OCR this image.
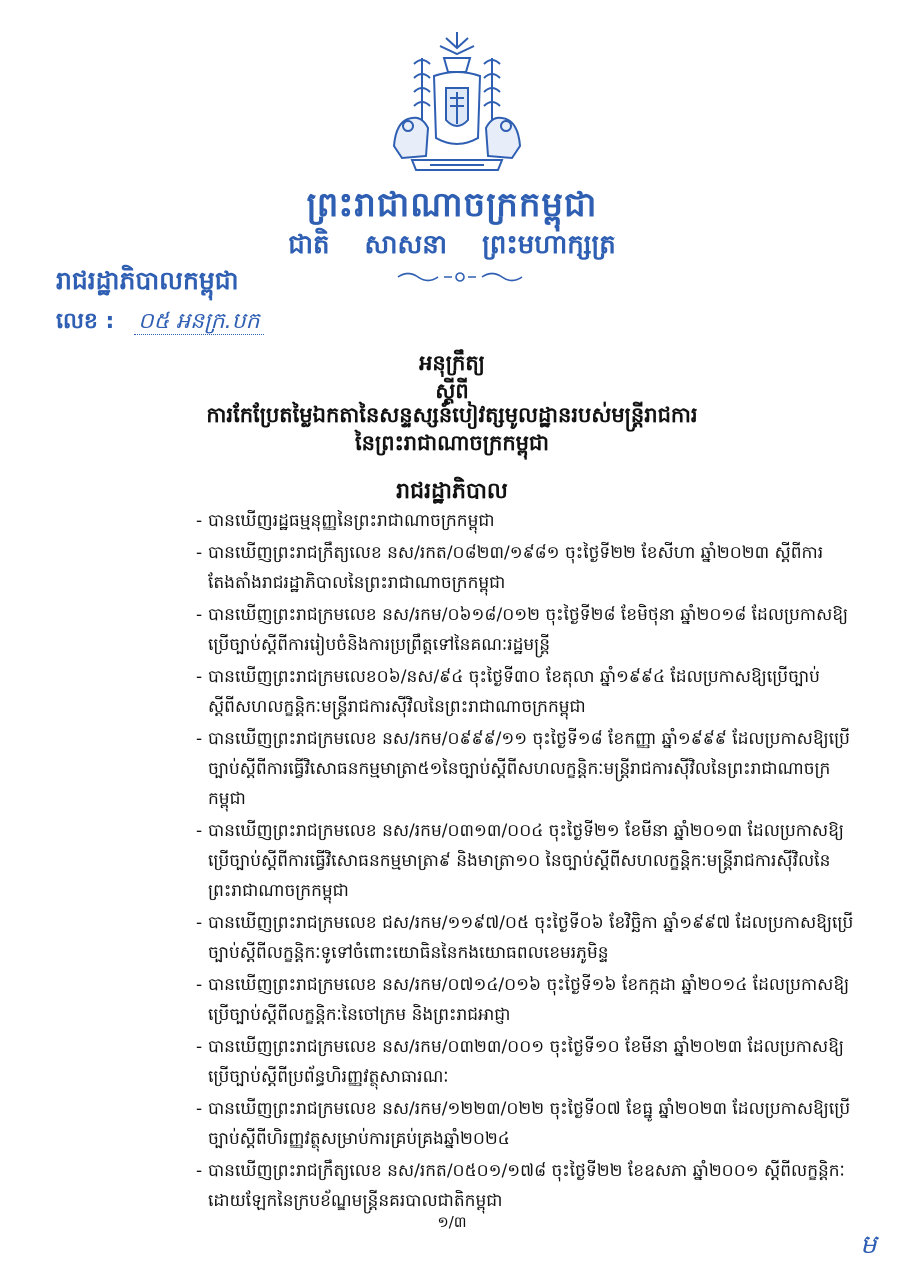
ព្រះរាជាណាចក្រកម្ពុជា
ជាតិ សាសនា ព្រះមហាក្សត្រ
រាជរដ្ឋាភិបាលកម្ពុជា
លេខ : ០៥ អនក្រ.បក
អនុក្រឹត្យ
ស្តីពី
ការកែប្រែតម្លៃឯកតានៃសន្ទស្សន៍បៀវត្សមូលដ្ឋានរបស់មន្ត្រីរាជការ
នៃព្រះរាជាណាចក្រកម្ពុជា
រាជរដ្ឋាភិបាល
- បានឃើញរដ្ឋធម្មនុញ្ញនៃព្រះរាជាណាចក្រកម្ពុជា
- បានឃើញព្រះរាជក្រឹត្យលេខ នស/រកត/០៨២៣/១៩៨១ ចុះថ្ងៃទី២២ ខែសីហា ឆ្នាំ២០២៣ ស្តីពីការតែងតាំងរាជរដ្ឋាភិបាលនៃព្រះរាជាណាចក្រកម្ពុជា
- បានឃើញព្រះរាជក្រមលេខ នស/រកម/០៦១៨/០១២ ចុះថ្ងៃទី២៨ ខែមិថុនា ឆ្នាំ២០១៨ ដែលប្រកាសឱ្យប្រើច្បាប់ស្តីពីការរៀបចំនិងការប្រព្រឹត្តទៅនៃគណៈរដ្ឋមន្ត្រី
- បានឃើញព្រះរាជក្រមលេខ០៦/នស/៩៤ ចុះថ្ងៃទី៣០ ខែតុលា ឆ្នាំ១៩៩៤ ដែលប្រកាសឱ្យប្រើច្បាប់ស្តីពីសហលក្ខន្តិកៈមន្ត្រីរាជការស៊ីវិលនៃព្រះរាជាណាចក្រកម្ពុជា
- បានឃើញព្រះរាជក្រមលេខ នស/រកម/០៩៩៩/១១ ចុះថ្ងៃទី១៨ ខែកញ្ញា ឆ្នាំ១៩៩៩ ដែលប្រកាសឱ្យប្រើច្បាប់ស្តីពីការធ្វើវិសោធនកម្មមាត្រា៥១នៃច្បាប់ស្តីពីសហលក្ខន្តិកៈមន្ត្រីរាជការស៊ីវិលនៃព្រះរាជាណាចក្រកម្ពុជា
- បានឃើញព្រះរាជក្រមលេខ នស/រកម/០៣១៣/០០៤ ចុះថ្ងៃទី២១ ខែមីនា ឆ្នាំ២០១៣ ដែលប្រកាសឱ្យប្រើច្បាប់ស្តីពីការធ្វើវិសោធនកម្មមាត្រា៩ និងមាត្រា១០ នៃច្បាប់ស្តីពីសហលក្ខន្តិកៈមន្ត្រីរាជការស៊ីវិលនៃព្រះរាជាណាចក្រកម្ពុជា
- បានឃើញព្រះរាជក្រមលេខ ជស/រកម/១១៩៧/០៥ ចុះថ្ងៃទី០៦ ខែវិច្ឆិកា ឆ្នាំ១៩៩៧ ដែលប្រកាសឱ្យប្រើច្បាប់ស្តីពីលក្ខន្តិកៈទូទៅចំពោះយោធិននៃកងយោធពលខេមរភូមិន្ទ
- បានឃើញព្រះរាជក្រមលេខ នស/រកម/០៧១៤/០១៦ ចុះថ្ងៃទី១៦ ខែកក្កដា ឆ្នាំ២០១៤ ដែលប្រកាសឱ្យប្រើច្បាប់ស្តីពីលក្ខន្តិកៈនៃចៅក្រម និងព្រះរាជអាជ្ញា
- បានឃើញព្រះរាជក្រមលេខ នស/រកម/០៣២៣/០០១ ចុះថ្ងៃទី១០ ខែមីនា ឆ្នាំ២០២៣ ដែលប្រកាសឱ្យប្រើច្បាប់ស្តីពីប្រព័ន្ធហិរញ្ញវត្ថុសាធារណៈ
- បានឃើញព្រះរាជក្រមលេខ នស/រកម/១២២៣/០២២ ចុះថ្ងៃទី០៧ ខែធ្នូ ឆ្នាំ២០២៣ ដែលប្រកាសឱ្យប្រើច្បាប់ស្តីពីហិរញ្ញវត្ថុសម្រាប់ការគ្រប់គ្រងឆ្នាំ២០២៤
- បានឃើញព្រះរាជក្រឹត្យលេខ នស/រកត/០៥០១/១៧៨ ចុះថ្ងៃទី២២ ខែឧសភា ឆ្នាំ២០០១ ស្តីពីលក្ខន្តិកៈដោយឡែកនៃក្របខ័ណ្ឌមន្ត្រីនគរបាលជាតិកម្ពុជា
១/៣
ម
